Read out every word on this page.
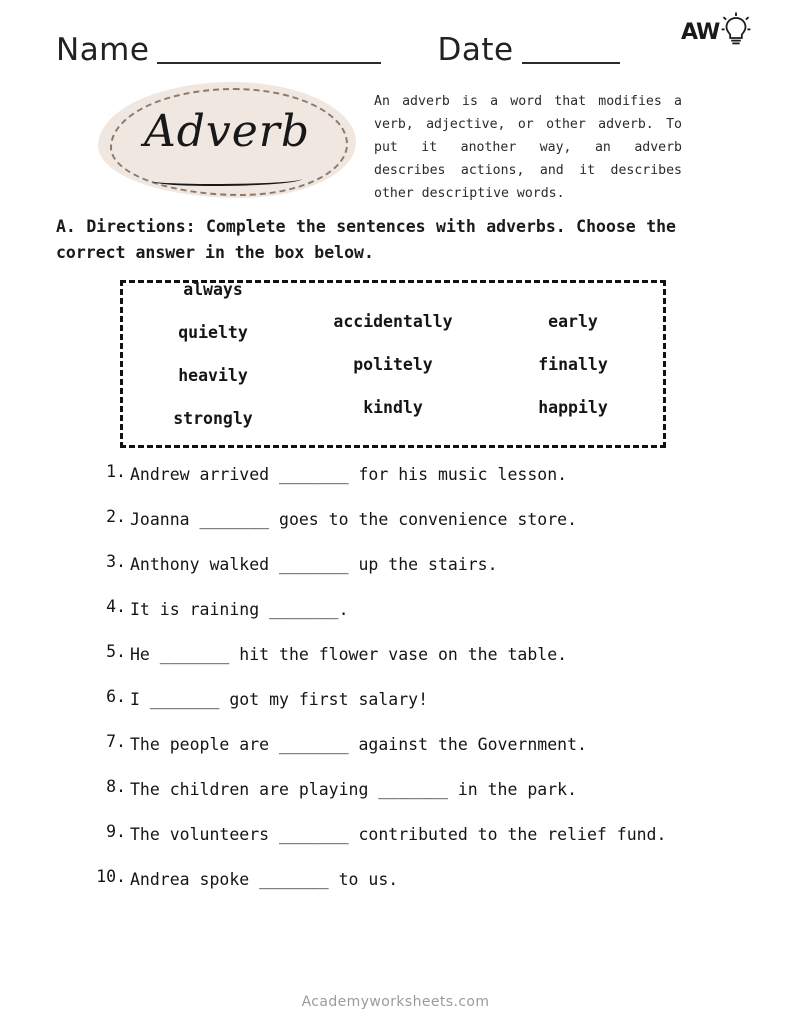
Name	Date	AW
Adverb
An adverb is a word that modifies a verb, adjective, or other adverb. To put it another way, an adverb describes actions, and it describes other descriptive words.
A. Directions: Complete the sentences with adverbs. Choose the correct answer in the box below.
always
quielty
heavily
strongly
accidentally
politely
kindly
early
finally
happily
1. Andrew arrived _______ for his music lesson.
2. Joanna _______ goes to the convenience store.
3. Anthony walked _______ up the stairs.
4. It is raining _______.
5. He _______ hit the flower vase on the table.
6. I _______ got my first salary!
7. The people are _______ against the Government.
8. The children are playing _______ in the park.
9. The volunteers _______ contributed to the relief fund.
10. Andrea spoke _______ to us.
Academyworksheets.com
